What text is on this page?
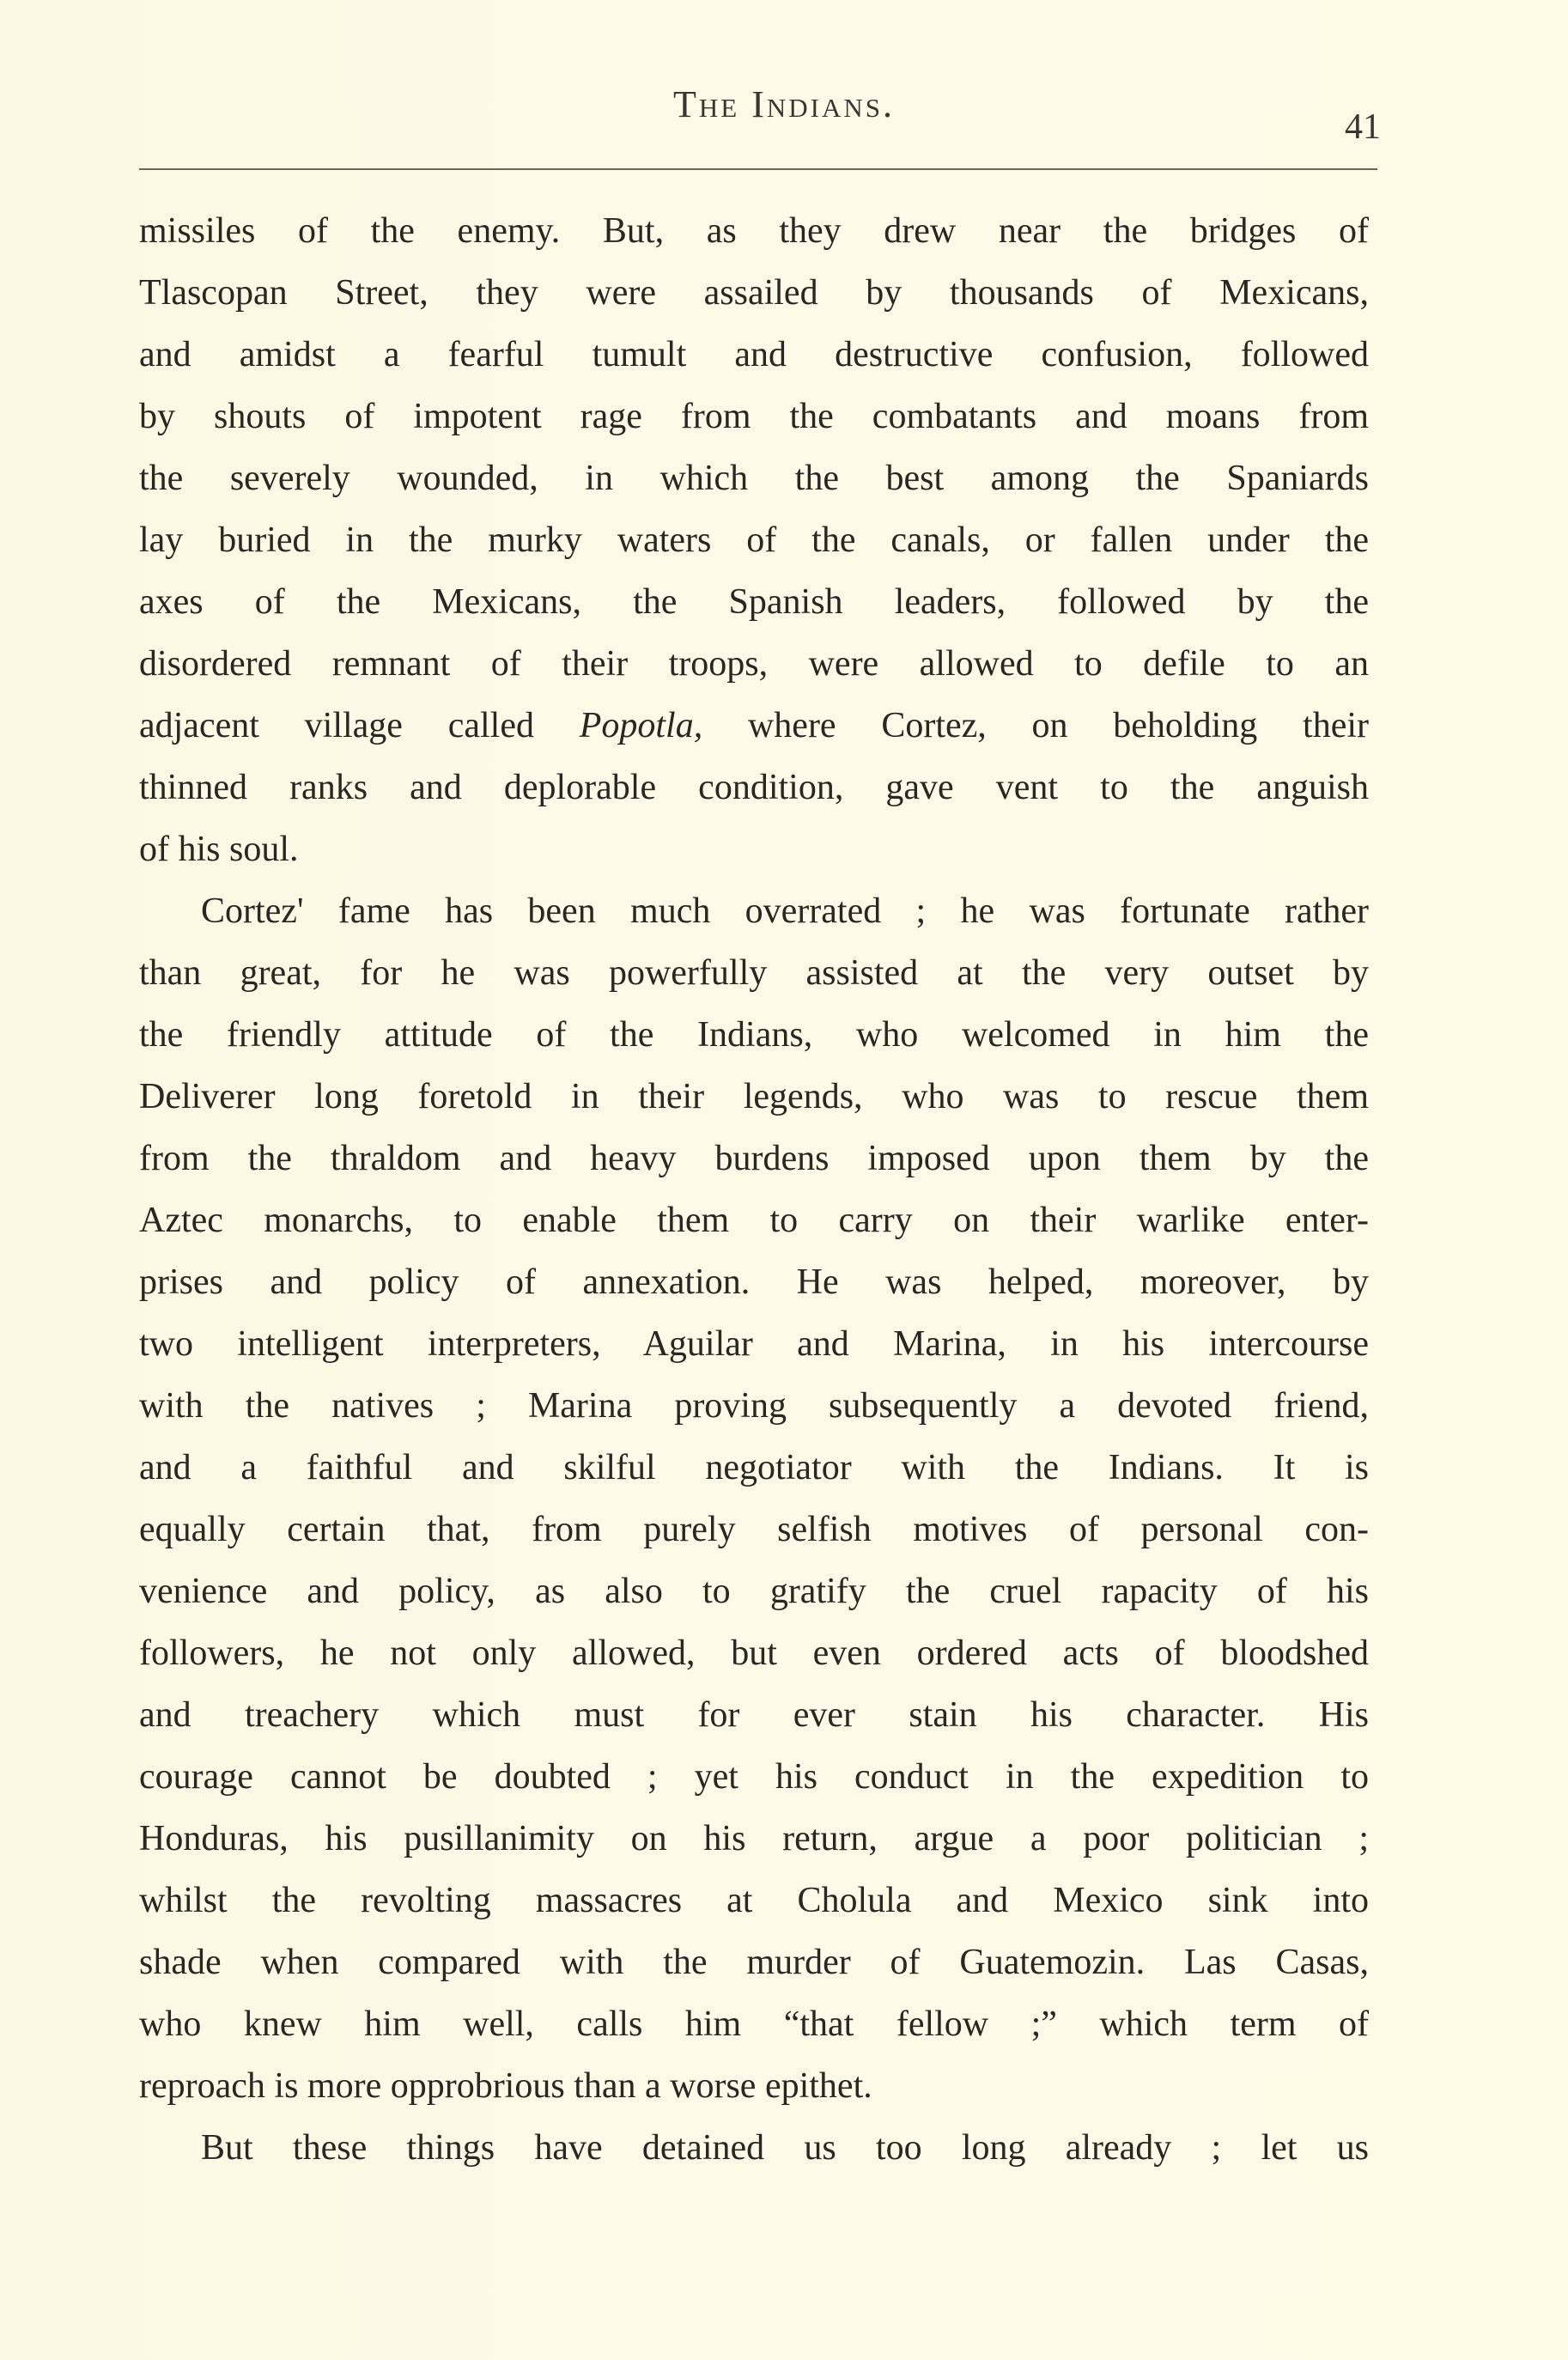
The Indians.
41
missiles of the enemy. But, as they drew near the bridges of
Tlascopan Street, they were assailed by thousands of Mexicans,
and amidst a fearful tumult and destructive confusion, followed
by shouts of impotent rage from the combatants and moans from
the severely wounded, in which the best among the Spaniards
lay buried in the murky waters of the canals, or fallen under the
axes of the Mexicans, the Spanish leaders, followed by the
disordered remnant of their troops, were allowed to defile to an
adjacent village called Popotla, where Cortez, on beholding their
thinned ranks and deplorable condition, gave vent to the anguish
of his soul.
Cortez' fame has been much overrated ; he was fortunate rather
than great, for he was powerfully assisted at the very outset by
the friendly attitude of the Indians, who welcomed in him the
Deliverer long foretold in their legends, who was to rescue them
from the thraldom and heavy burdens imposed upon them by the
Aztec monarchs, to enable them to carry on their warlike enter-
prises and policy of annexation. He was helped, moreover, by
two intelligent interpreters, Aguilar and Marina, in his intercourse
with the natives ; Marina proving subsequently a devoted friend,
and a faithful and skilful negotiator with the Indians. It is
equally certain that, from purely selfish motives of personal con-
venience and policy, as also to gratify the cruel rapacity of his
followers, he not only allowed, but even ordered acts of bloodshed
and treachery which must for ever stain his character. His
courage cannot be doubted ; yet his conduct in the expedition to
Honduras, his pusillanimity on his return, argue a poor politician ;
whilst the revolting massacres at Cholula and Mexico sink into
shade when compared with the murder of Guatemozin. Las Casas,
who knew him well, calls him “that fellow ;” which term of
reproach is more opprobrious than a worse epithet.
But these things have detained us too long already ; let us
